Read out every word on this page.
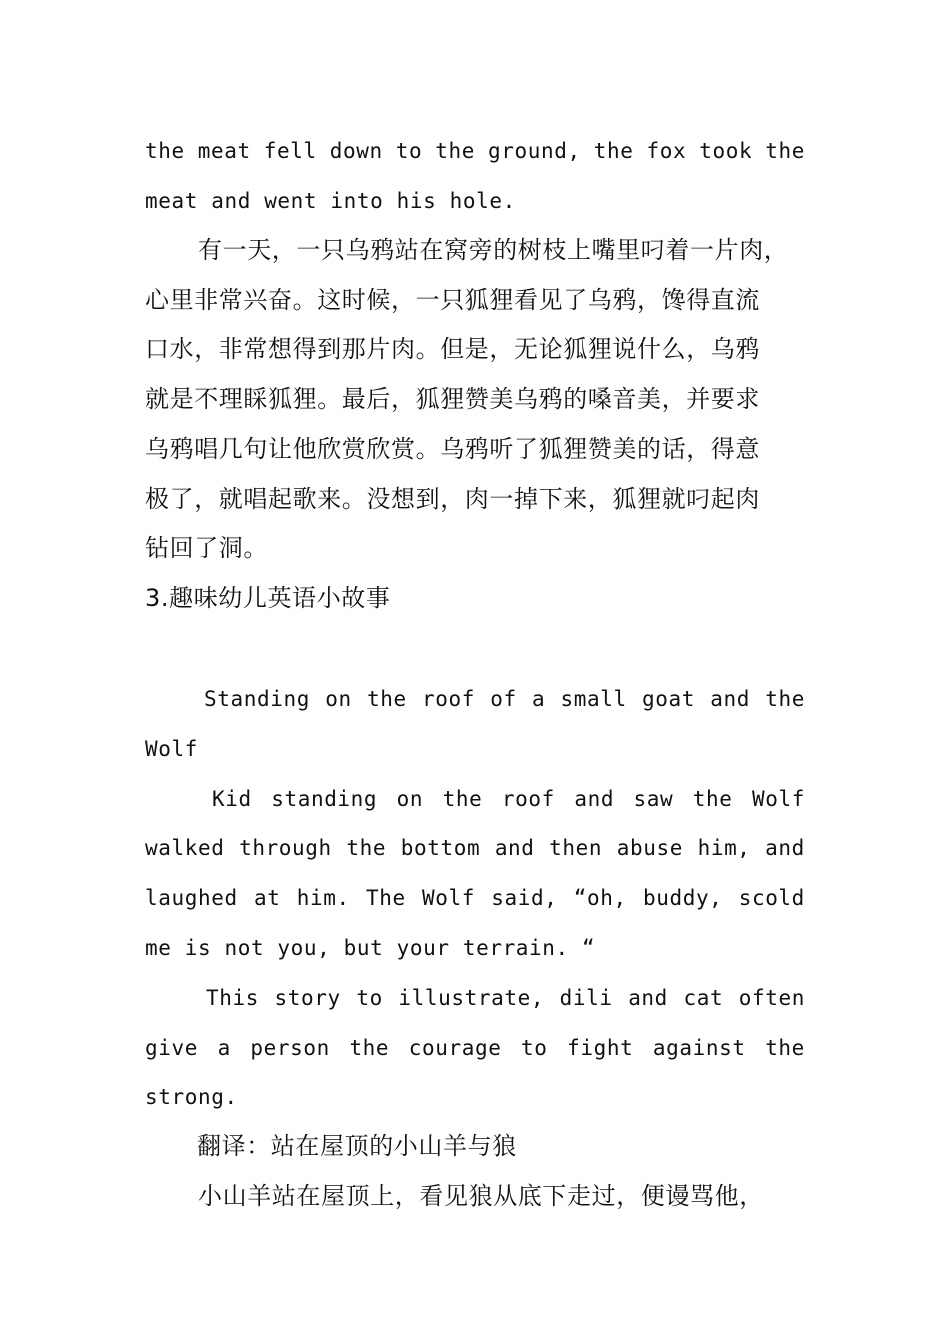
the meat fell down to the ground, the fox took the
meat and went into his hole.
有一天，一只乌鸦站在窝旁的树枝上嘴里叼着一片肉，
心里非常兴奋。这时候，一只狐狸看见了乌鸦，馋得直流
口水，非常想得到那片肉。但是，无论狐狸说什么，乌鸦
就是不理睬狐狸。最后，狐狸赞美乌鸦的嗓音美，并要求
乌鸦唱几句让他欣赏欣赏。乌鸦听了狐狸赞美的话，得意
极了，就唱起歌来。没想到，肉一掉下来，狐狸就叼起肉
钻回了洞。
3.趣味幼儿英语小故事
Standing on the roof of a small goat and the
Wolf
Kid standing on the roof and saw the Wolf
walked through the bottom and then abuse him, and
laughed at him. The Wolf said, “oh, buddy, scold
me is not you, but your terrain. “
This story to illustrate, dili and cat often
give a person the courage to fight against the
strong.
翻译：站在屋顶的小山羊与狼
小山羊站在屋顶上，看见狼从底下走过，便谩骂他，
